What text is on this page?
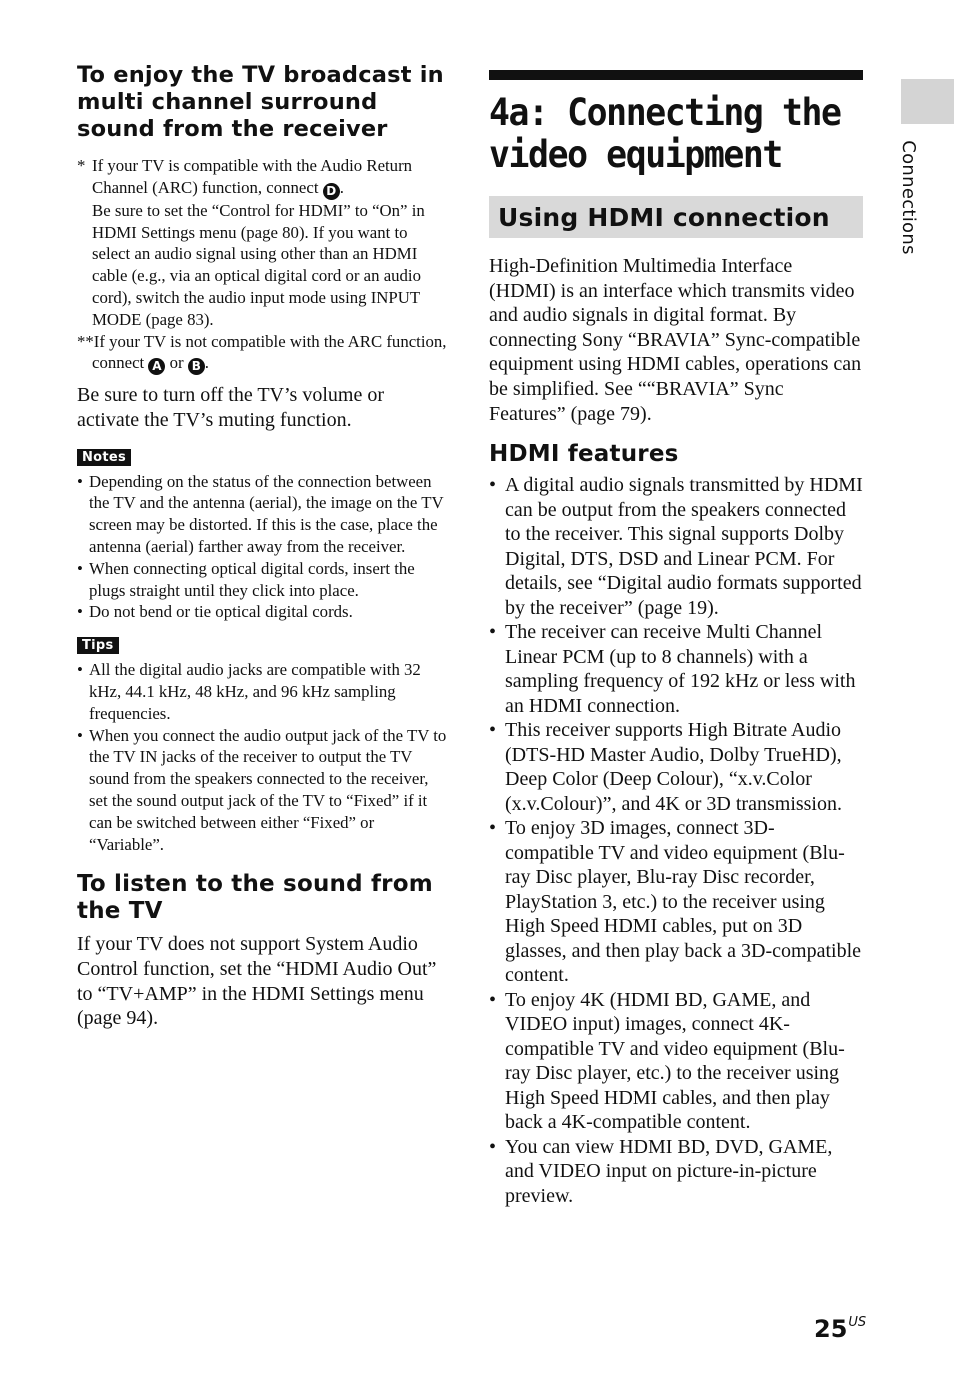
To enjoy the TV broadcast in multi channel surround sound from the receiver
* If your TV is compatible with the Audio Return Channel (ARC) function, connect D .
Be sure to set the “Control for HDMI” to “On” in HDMI Settings menu (page 80). If you want to select an audio signal using other than an HDMI cable (e.g., via an optical digital cord or an audio cord), switch the audio input mode using INPUT MODE (page 83).
**If your TV is not compatible with the ARC function, connect A or B .

Be sure to turn off the TV’s volume or activate the TV’s muting function.

Notes
• Depending on the status of the connection between the TV and the antenna (aerial), the image on the TV screen may be distorted. If this is the case, place the antenna (aerial) farther away from the receiver.
• When connecting optical digital cords, insert the plugs straight until they click into place.
• Do not bend or tie optical digital cords.
Tips
• All the digital audio jacks are compatible with 32 kHz, 44.1 kHz, 48 kHz, and 96 kHz sampling frequencies.
• When you connect the audio output jack of the TV to the TV IN jacks of the receiver to output the TV sound from the speakers connected to the receiver, set the sound output jack of the TV to “Fixed” if it can be switched between either “Fixed” or “Variable”.
To listen to the sound from the TV

If your TV does not support System Audio Control function, set the “HDMI Audio Out” to “TV+AMP” in the HDMI Settings menu (page 94).

4a: Connecting the video equipment
Using HDMI connection

High-Definition Multimedia Interface (HDMI) is an interface which transmits video and audio signals in digital format. By connecting Sony “BRAVIA” Sync-compatible equipment using HDMI cables, operations can be simplified. See ““BRAVIA” Sync Features” (page 79).

HDMI features
• A digital audio signals transmitted by HDMI can be output from the speakers connected to the receiver. This signal supports Dolby Digital, DTS, DSD and Linear PCM. For details, see “Digital audio formats supported by the receiver” (page 19).
• The receiver can receive Multi Channel Linear PCM (up to 8 channels) with a sampling frequency of 192 kHz or less with an HDMI connection.
• This receiver supports High Bitrate Audio (DTS-HD Master Audio, Dolby TrueHD), Deep Color (Deep Colour), “x.v.Color (x.v.Colour)”, and 4K or 3D transmission.
• To enjoy 3D images, connect 3D-compatible TV and video equipment (Blu-ray Disc player, Blu-ray Disc recorder, PlayStation 3, etc.) to the receiver using High Speed HDMI cables, put on 3D glasses, and then play back a 3D-compatible content.
• To enjoy 4K (HDMI BD, GAME, and VIDEO input) images, connect 4K-compatible TV and video equipment (Blu-ray Disc player, etc.) to the receiver using High Speed HDMI cables, and then play back a 4K-compatible content.
• You can view HDMI BD, DVD, GAME, and VIDEO input on picture-in-picture preview.
Connections
$25^{US}$
